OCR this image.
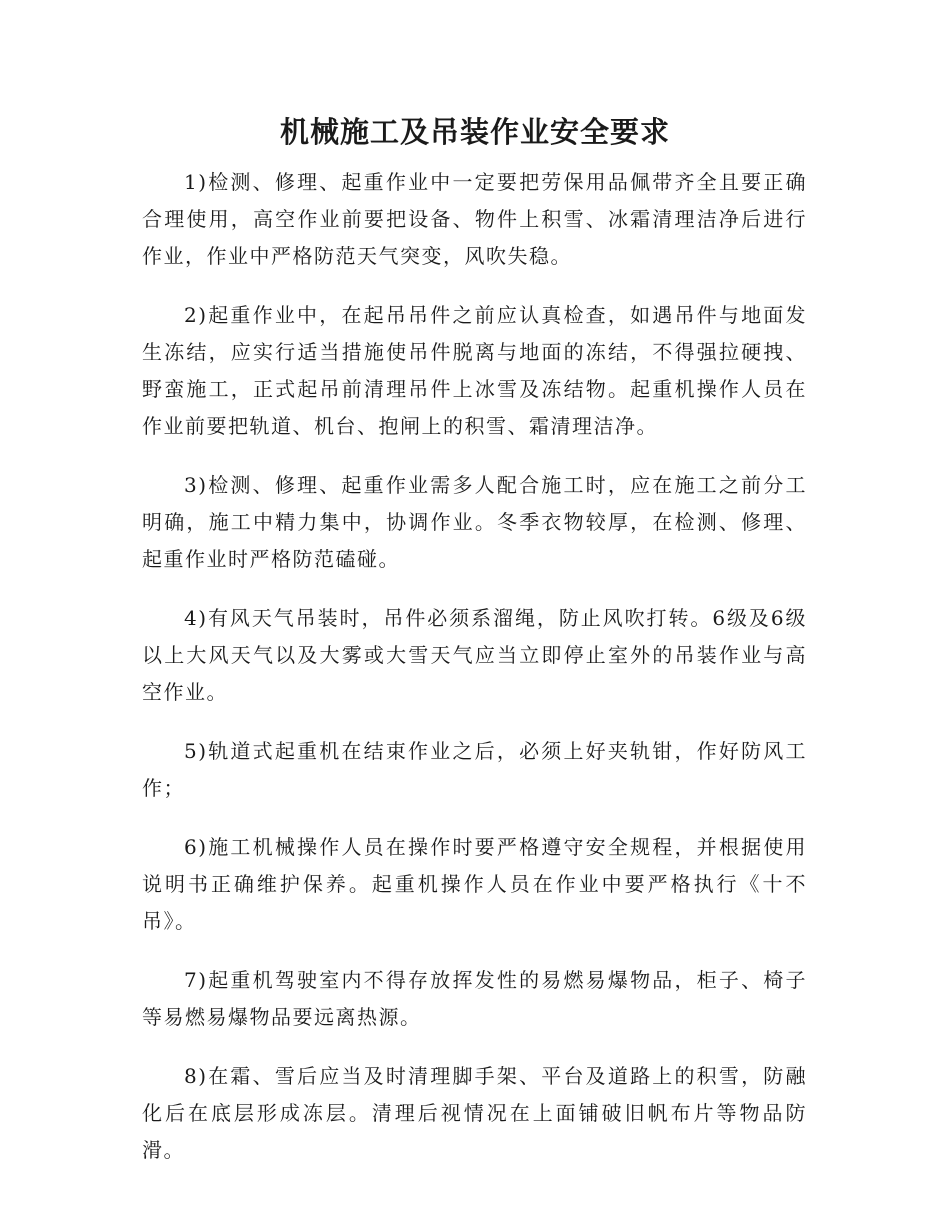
机械施工及吊装作业安全要求

1)检测、修理、起重作业中一定要把劳保用品佩带齐全且要正确合理使用，高空作业前要把设备、物件上积雪、冰霜清理洁净后进行作业，作业中严格防范天气突变，风吹失稳。

2)起重作业中，在起吊吊件之前应认真检查，如遇吊件与地面发生冻结，应实行适当措施使吊件脱离与地面的冻结，不得强拉硬拽、野蛮施工，正式起吊前清理吊件上冰雪及冻结物。起重机操作人员在作业前要把轨道、机台、抱闸上的积雪、霜清理洁净。

3)检测、修理、起重作业需多人配合施工时，应在施工之前分工明确，施工中精力集中，协调作业。冬季衣物较厚，在检测、修理、起重作业时严格防范磕碰。

4)有风天气吊装时，吊件必须系溜绳，防止风吹打转。6级及6级以上大风天气以及大雾或大雪天气应当立即停止室外的吊装作业与高空作业。

5)轨道式起重机在结束作业之后，必须上好夹轨钳，作好防风工作；

6)施工机械操作人员在操作时要严格遵守安全规程，并根据使用说明书正确维护保养。起重机操作人员在作业中要严格执行《十不吊》。

7)起重机驾驶室内不得存放挥发性的易燃易爆物品，柜子、椅子等易燃易爆物品要远离热源。

8)在霜、雪后应当及时清理脚手架、平台及道路上的积雪，防融化后在底层形成冻层。清理后视情况在上面铺破旧帆布片等物品防滑。
